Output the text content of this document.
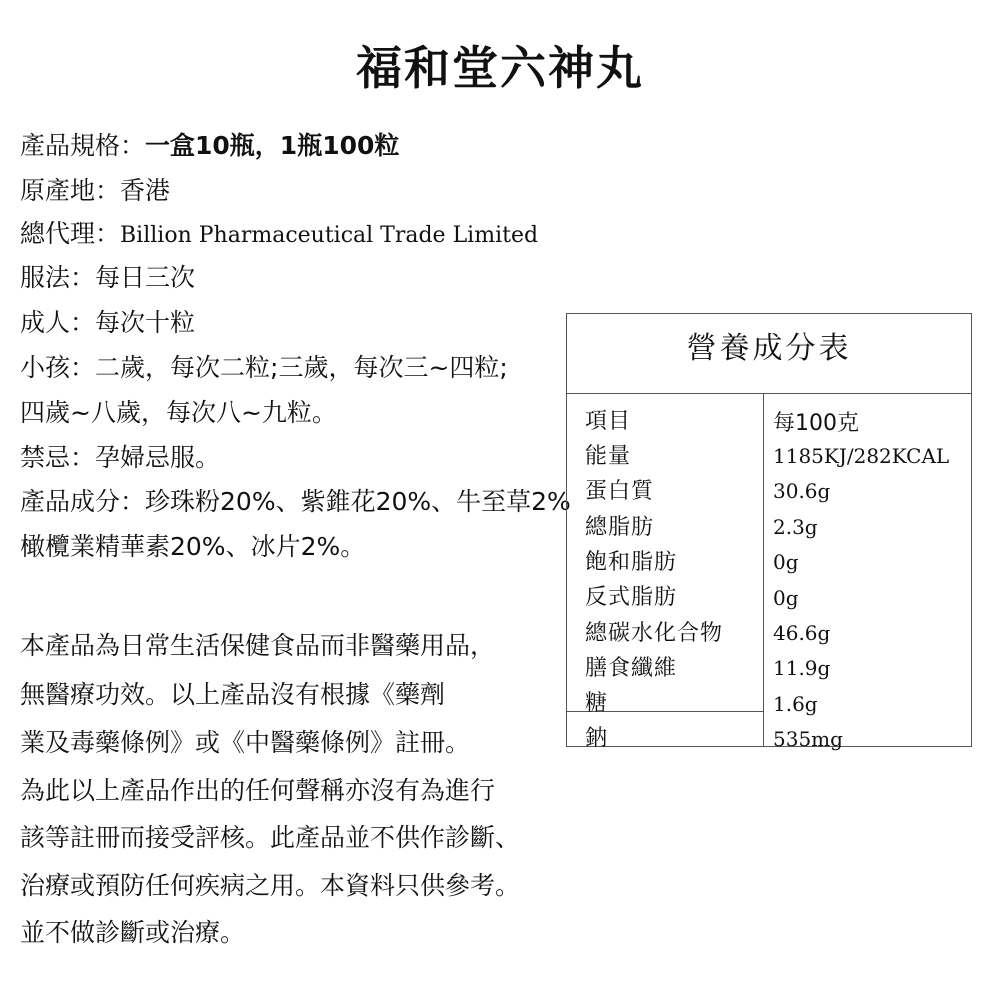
福和堂六神丸
產品規格：一盒10瓶，1瓶100粒
原產地：香港
總代理：Billion Pharmaceutical Trade Limited
服法：每日三次
成人：每次十粒
小孩：二歲，每次二粒;三歲，每次三~四粒;
四歲~八歲，每次八~九粒。
禁忌：孕婦忌服。
產品成分：珍珠粉20%、紫錐花20%、牛至草2%
橄欖業精華素20%、冰片2%。
本產品為日常生活保健食品而非醫藥用品，
無醫療功效。以上產品沒有根據《藥劑
業及毒藥條例》或《中醫藥條例》註冊。
為此以上產品作出的任何聲稱亦沒有為進行
該等註冊而接受評核。此產品並不供作診斷、
治療或預防任何疾病之用。本資料只供參考。
並不做診斷或治療。
營養成分表
項目	每100克
能量	1185KJ/282KCAL
蛋白質	30.6g
總脂肪	2.3g
飽和脂肪	0g
反式脂肪	0g
總碳水化合物 46.6g
膳食纖維	11.9g
糖	1.6g
鈉	535mg
